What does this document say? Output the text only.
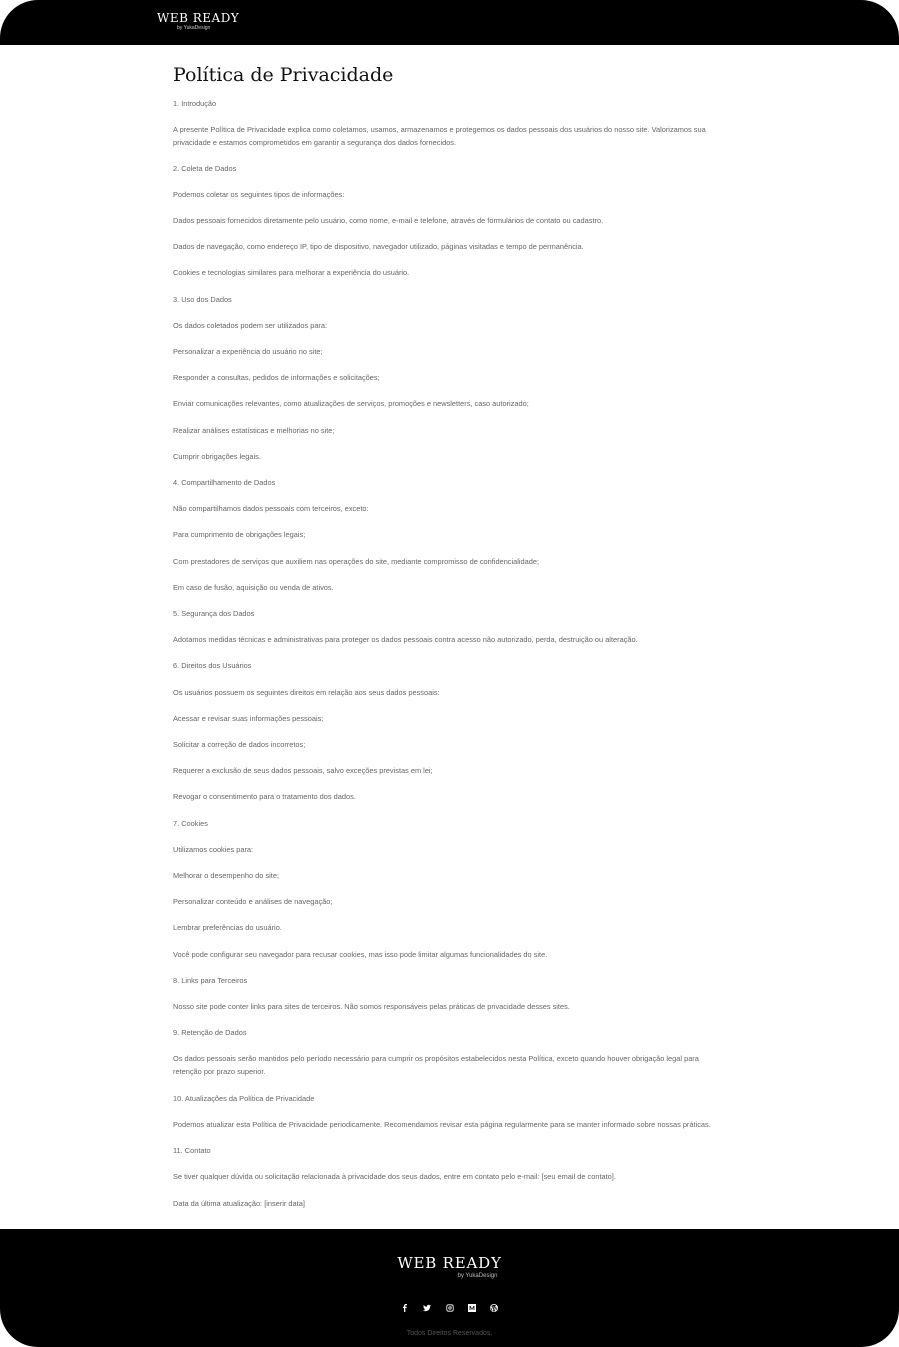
WEB READY
by YukaDesign
Política de Privacidade

1. Introdução

A presente Política de Privacidade explica como coletamos, usamos, armazenamos e protegemos os dados pessoais dos usuários do nosso site. Valorizamos sua privacidade e estamos comprometidos em garantir a segurança dos dados fornecidos.

2. Coleta de Dados

Podemos coletar os seguintes tipos de informações:

Dados pessoais fornecidos diretamente pelo usuário, como nome, e-mail e telefone, através de formulários de contato ou cadastro.

Dados de navegação, como endereço IP, tipo de dispositivo, navegador utilizado, páginas visitadas e tempo de permanência.

Cookies e tecnologias similares para melhorar a experiência do usuário.

3. Uso dos Dados

Os dados coletados podem ser utilizados para:

Personalizar a experiência do usuário no site;

Responder a consultas, pedidos de informações e solicitações;

Enviar comunicações relevantes, como atualizações de serviços, promoções e newsletters, caso autorizado;

Realizar análises estatísticas e melhorias no site;

Cumprir obrigações legais.

4. Compartilhamento de Dados

Não compartilhamos dados pessoais com terceiros, exceto:

Para cumprimento de obrigações legais;

Com prestadores de serviços que auxiliem nas operações do site, mediante compromisso de confidencialidade;

Em caso de fusão, aquisição ou venda de ativos.

5. Segurança dos Dados

Adotamos medidas técnicas e administrativas para proteger os dados pessoais contra acesso não autorizado, perda, destruição ou alteração.

6. Direitos dos Usuários

Os usuários possuem os seguintes direitos em relação aos seus dados pessoais:

Acessar e revisar suas informações pessoais;

Solicitar a correção de dados incorretos;

Requerer a exclusão de seus dados pessoais, salvo exceções previstas em lei;

Revogar o consentimento para o tratamento dos dados.

7. Cookies

Utilizamos cookies para:

Melhorar o desempenho do site;

Personalizar conteúdo e análises de navegação;

Lembrar preferências do usuário.

Você pode configurar seu navegador para recusar cookies, mas isso pode limitar algumas funcionalidades do site.

8. Links para Terceiros

Nosso site pode conter links para sites de terceiros. Não somos responsáveis pelas práticas de privacidade desses sites.

9. Retenção de Dados

Os dados pessoais serão mantidos pelo período necessário para cumprir os propósitos estabelecidos nesta Política, exceto quando houver obrigação legal para retenção por prazo superior.

10. Atualizações da Política de Privacidade

Podemos atualizar esta Política de Privacidade periodicamente. Recomendamos revisar esta página regularmente para se manter informado sobre nossas práticas.

11. Contato

Se tiver qualquer dúvida ou solicitação relacionada à privacidade dos seus dados, entre em contato pelo e-mail: [seu email de contato].

Data da última atualização: [inserir data]

WEB READY
by YukaDesign

Todos Direitos Reservados.
